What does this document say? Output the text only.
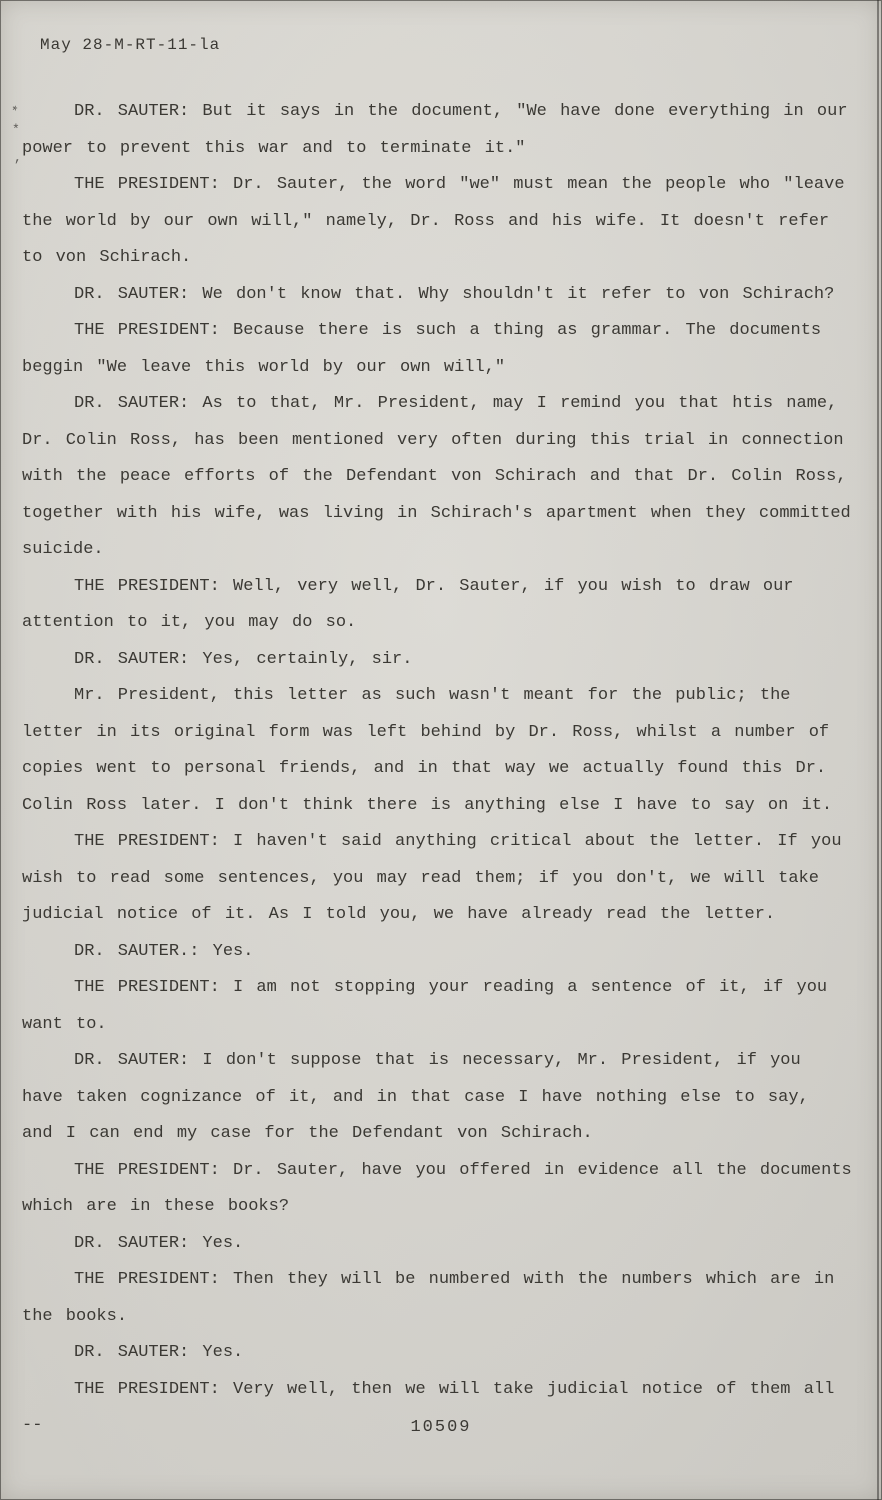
*
*
,
May 28-M-RT-11-la

DR. SAUTER: But it says in the document, "We have done everything in our power to prevent this war and to terminate it."

THE PRESIDENT: Dr. Sauter, the word "we" must mean the people who "leave the world by our own will," namely, Dr. Ross and his wife. It doesn't refer to von Schirach.

DR. SAUTER: We don't know that. Why shouldn't it refer to von Schirach?

THE PRESIDENT: Because there is such a thing as grammar. The documents beggin "We leave this world by our own will,"

DR. SAUTER: As to that, Mr. President, may I remind you that htis name, Dr. Colin Ross, has been mentioned very often during this trial in connection with the peace efforts of the Defendant von Schirach and that Dr. Colin Ross, together with his wife, was living in Schirach's apartment when they committed suicide.

THE PRESIDENT: Well, very well, Dr. Sauter, if you wish to draw our attention to it, you may do so.

DR. SAUTER: Yes, certainly, sir.

Mr. President, this letter as such wasn't meant for the public; the letter in its original form was left behind by Dr. Ross, whilst a number of copies went to personal friends, and in that way we actually found this Dr. Colin Ross later. I don't think there is anything else I have to say on it.

THE PRESIDENT: I haven't said anything critical about the letter. If you wish to read some sentences, you may read them; if you don't, we will take judicial notice of it. As I told you, we have already read the letter.

DR. SAUTER.: Yes.

THE PRESIDENT: I am not stopping your reading a sentence of it, if you want to.

DR. SAUTER: I don't suppose that is necessary, Mr. President, if you have taken cognizance of it, and in that case I have nothing else to say, and I can end my case for the Defendant von Schirach.

THE PRESIDENT: Dr. Sauter, have you offered in evidence all the documents which are in these books?

DR. SAUTER: Yes.

THE PRESIDENT: Then they will be numbered with the numbers which are in the books.

DR. SAUTER: Yes.

THE PRESIDENT: Very well, then we will take judicial notice of them all --	10509
